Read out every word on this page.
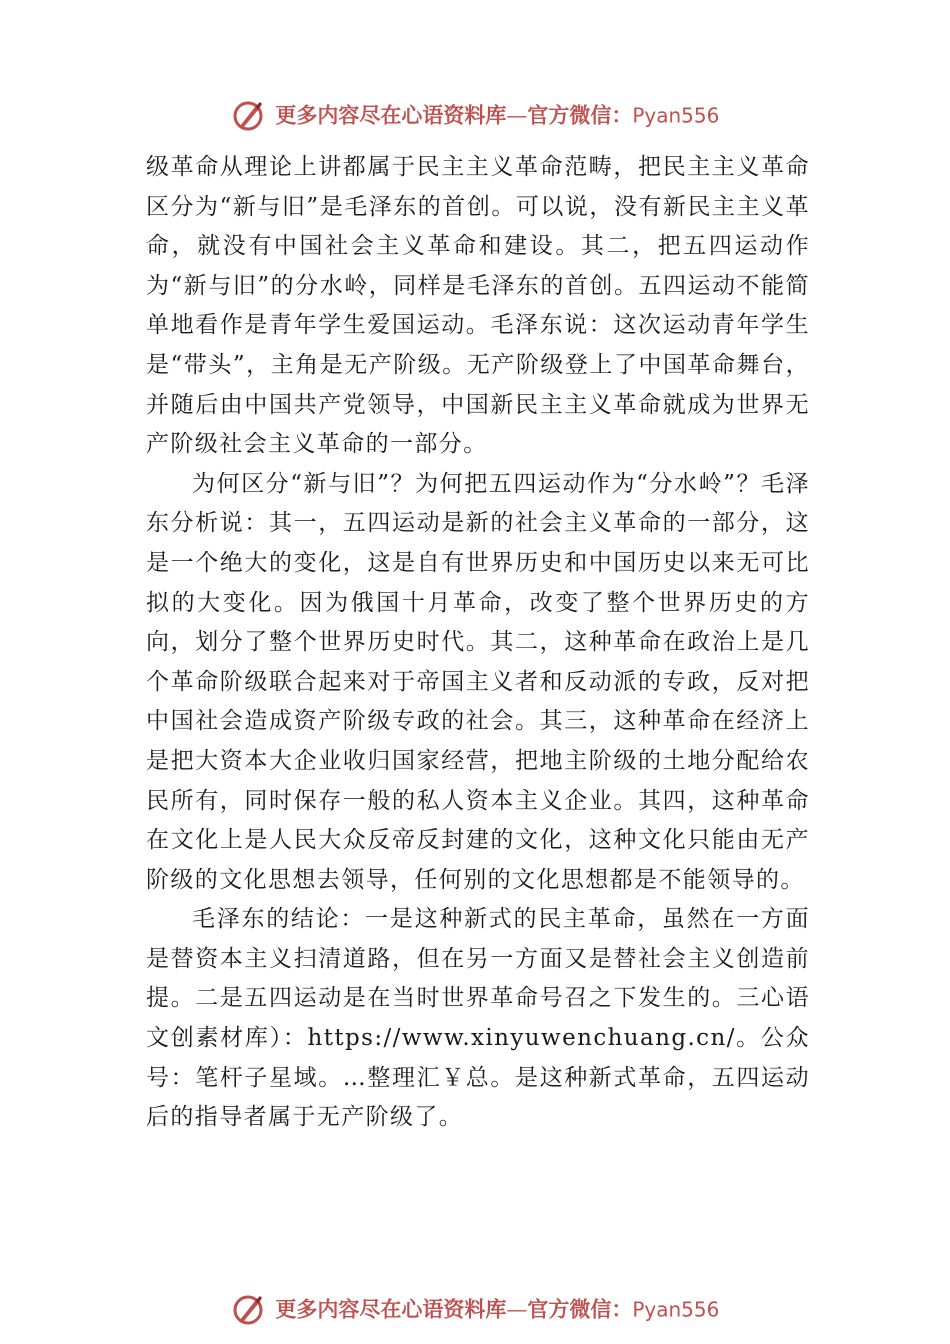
更多内容尽在心语资料库—官方微信：Pyan556

级革命从理论上讲都属于民主主义革命范畴，把民主主义革命区分为“新与旧”是毛泽东的首创。可以说，没有新民主主义革命，就没有中国社会主义革命和建设。其二，把五四运动作为“新与旧”的分水岭，同样是毛泽东的首创。五四运动不能简单地看作是青年学生爱国运动。毛泽东说：这次运动青年学生是“带头”，主角是无产阶级。无产阶级登上了中国革命舞台，并随后由中国共产党领导，中国新民主主义革命就成为世界无产阶级社会主义革命的一部分。

为何区分“新与旧”？为何把五四运动作为“分水岭”？毛泽东分析说：其一，五四运动是新的社会主义革命的一部分，这是一个绝大的变化，这是自有世界历史和中国历史以来无可比拟的大变化。因为俄国十月革命，改变了整个世界历史的方向，划分了整个世界历史时代。其二，这种革命在政治上是几个革命阶级联合起来对于帝国主义者和反动派的专政，反对把中国社会造成资产阶级专政的社会。其三，这种革命在经济上是把大资本大企业收归国家经营，把地主阶级的土地分配给农民所有，同时保存一般的私人资本主义企业。其四，这种革命在文化上是人民大众反帝反封建的文化，这种文化只能由无产阶级的文化思想去领导，任何别的文化思想都是不能领导的。

毛泽东的结论：一是这种新式的民主革命，虽然在一方面是替资本主义扫清道路，但在另一方面又是替社会主义创造前提。二是五四运动是在当时世界革命号召之下发生的。三心语文创素材库）：https://www.xinyuwenchuang.cn/。公众号：笔杆子星域。…整理汇￥总。是这种新式革命，五四运动后的指导者属于无产阶级了。

更多内容尽在心语资料库—官方微信：Pyan556
